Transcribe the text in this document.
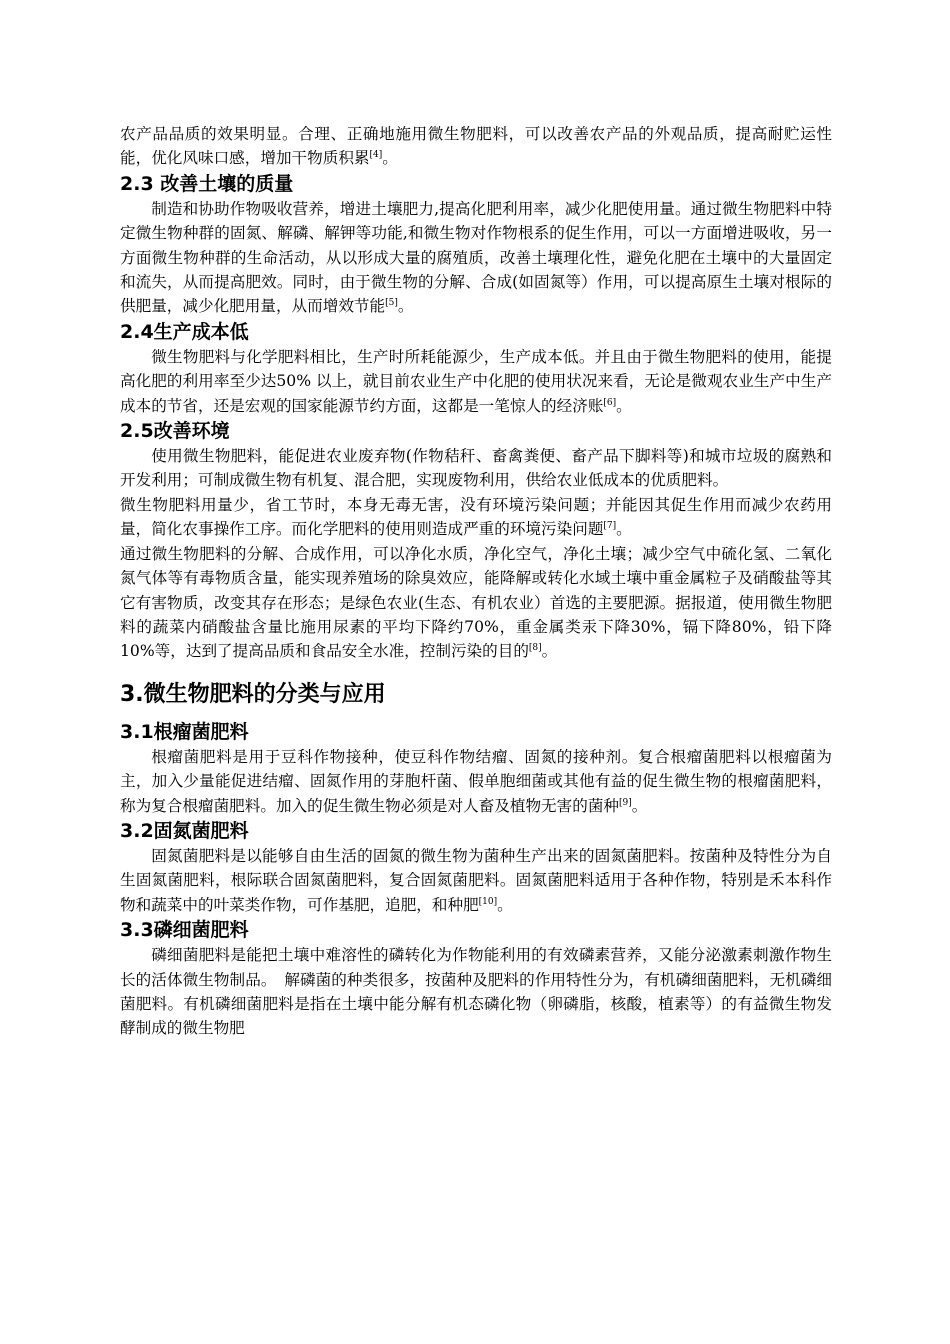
农产品品质的效果明显。合理、正确地施用微生物肥料，可以改善农产品的外观品质，提高耐贮运性能，优化风味口感，增加干物质积累[4]。

2.3 改善土壤的质量

制造和协助作物吸收营养，增进土壤肥力,提高化肥利用率，减少化肥使用量。通过微生物肥料中特定微生物种群的固氮、解磷、解钾等功能,和微生物对作物根系的促生作用，可以一方面增进吸收，另一方面微生物种群的生命活动，从以形成大量的腐殖质，改善土壤理化性，避免化肥在土壤中的大量固定和流失，从而提高肥效。同时，由于微生物的分解、合成(如固氮等）作用，可以提高原生土壤对根际的供肥量，减少化肥用量，从而增效节能[5]。

2.4生产成本低

微生物肥料与化学肥料相比，生产时所耗能源少，生产成本低。并且由于微生物肥料的使用，能提高化肥的利用率至少达50% 以上，就目前农业生产中化肥的使用状况来看，无论是微观农业生产中生产成本的节省，还是宏观的国家能源节约方面，这都是一笔惊人的经济账[6]。

2.5改善环境

使用微生物肥料，能促进农业废弃物(作物秸秆、畜禽粪便、畜产品下脚料等)和城市垃圾的腐熟和开发利用；可制成微生物有机复、混合肥，实现废物利用，供给农业低成本的优质肥料。

微生物肥料用量少，省工节时，本身无毒无害，没有环境污染问题；并能因其促生作用而减少农药用量，简化农事操作工序。而化学肥料的使用则造成严重的环境污染问题[7]。

通过微生物肥料的分解、合成作用，可以净化水质，净化空气，净化土壤；减少空气中硫化氢、二氧化氮气体等有毒物质含量，能实现养殖场的除臭效应，能降解或转化水域土壤中重金属粒子及硝酸盐等其它有害物质，改变其存在形态；是绿色农业(生态、有机农业）首选的主要肥源。据报道，使用微生物肥料的蔬菜内硝酸盐含量比施用尿素的平均下降约70%，重金属类汞下降30%，镉下降80%，铅下降10%等，达到了提高品质和食品安全水准，控制污染的目的[8]。

3.微生物肥料的分类与应用
3.1根瘤菌肥料

根瘤菌肥料是用于豆科作物接种，使豆科作物结瘤、固氮的接种剂。复合根瘤菌肥料以根瘤菌为主，加入少量能促进结瘤、固氮作用的芽胞杆菌、假单胞细菌或其他有益的促生微生物的根瘤菌肥料，称为复合根瘤菌肥料。加入的促生微生物必须是对人畜及植物无害的菌种[9]。

3.2固氮菌肥料

固氮菌肥料是以能够自由生活的固氮的微生物为菌种生产出来的固氮菌肥料。按菌种及特性分为自生固氮菌肥料，根际联合固氮菌肥料，复合固氮菌肥料。固氮菌肥料适用于各种作物，特别是禾本科作物和蔬菜中的叶菜类作物，可作基肥，追肥，和种肥[10]。

3.3磷细菌肥料

磷细菌肥料是能把土壤中难溶性的磷转化为作物能利用的有效磷素营养，又能分泌激素刺激作物生长的活体微生物制品。　解磷菌的种类很多，按菌种及肥料的作用特性分为，有机磷细菌肥料，无机磷细菌肥料。有机磷细菌肥料是指在土壤中能分解有机态磷化物（卵磷脂，核酸，植素等）的有益微生物发酵制成的微生物肥
